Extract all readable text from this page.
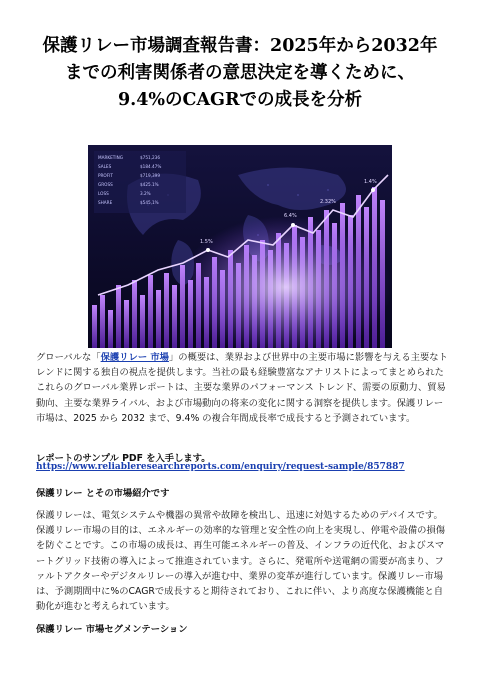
保護リレー市場調査報告書：2025年から2032年
までの利害関係者の意思決定を導くために、
9.4%のCAGRでの成長を分析
1.5%
6.4%
2.32%
1.4%
グローバルな「保護リレー 市場」の概要は、業界および世界中の主要市場に影響を与える主要なトレンドに関する独自の視点を提供します。当社の最も経験豊富なアナリストによってまとめられたこれらのグローバル業界レポートは、主要な業界のパフォーマンス トレンド、需要の原動力、貿易動向、主要な業界ライバル、および市場動向の将来の変化に関する洞察を提供します。保護リレー 市場は、2025 から 2032 まで、9.4% の複合年間成長率で成長すると予測されています。
レポートのサンプル PDF を入手します。
https://www.reliableresearchreports.com/enquiry/request-sample/857887
保護リレー とその市場紹介です
保護リレーは、電気システムや機器の異常や故障を検出し、迅速に対処するためのデバイスです。保護リレー市場の目的は、エネルギーの効率的な管理と安全性の向上を実現し、停電や設備の損傷を防ぐことです。この市場の成長は、再生可能エネルギーの普及、インフラの近代化、およびスマートグリッド技術の導入によって推進されています。さらに、発電所や送電網の需要が高まり、ファルトアクターやデジタルリレーの導入が進む中、業界の変革が進行しています。保護リレー市場は、予測期間中に%のCAGRで成長すると期待されており、これに伴い、より高度な保護機能と自動化が進むと考えられています。
保護リレー 市場セグメンテーション
